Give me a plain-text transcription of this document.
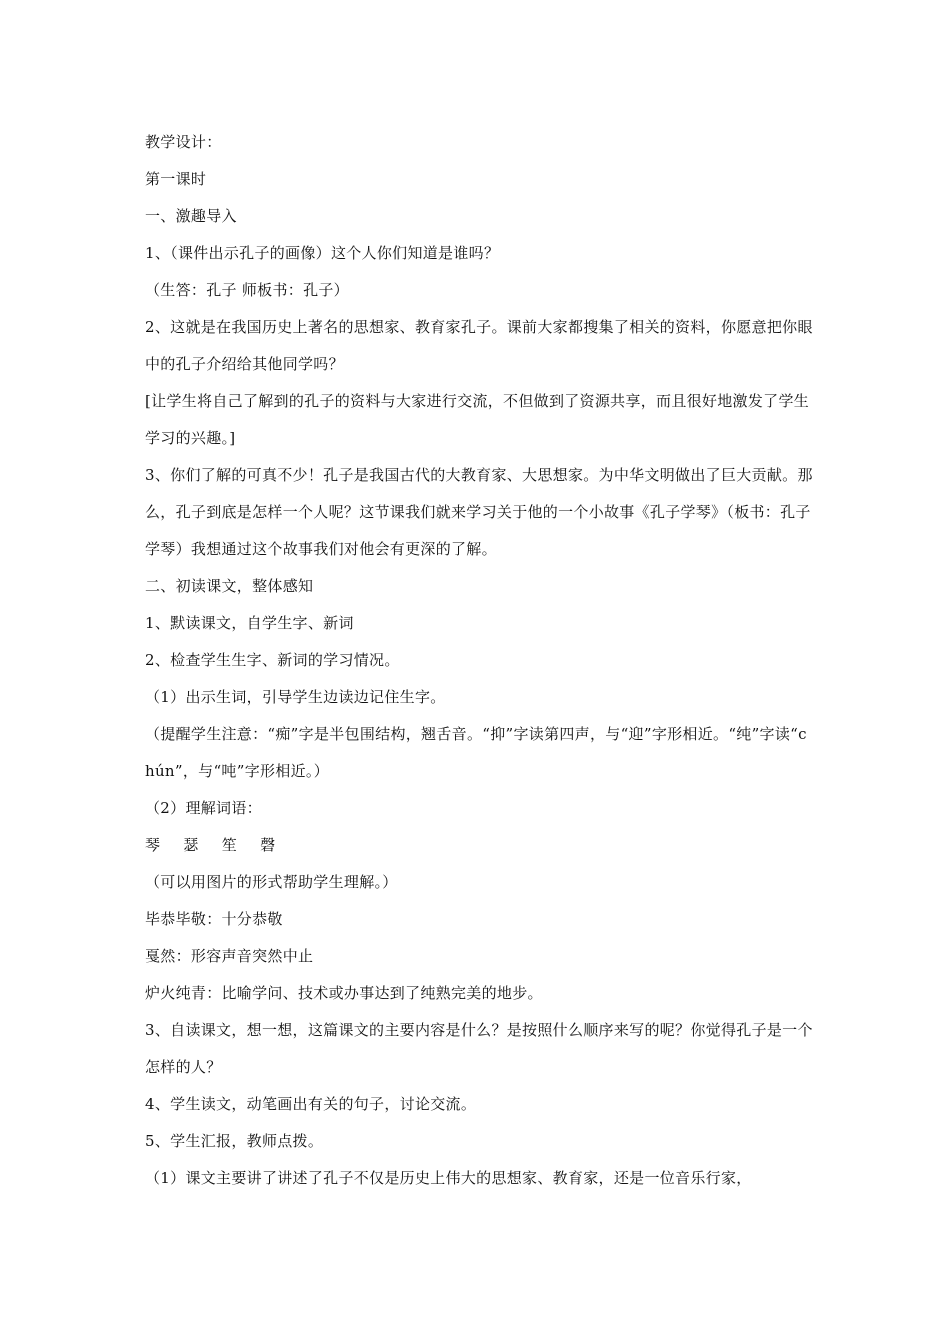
教学设计：

第一课时

一、激趣导入

1、（课件出示孔子的画像）这个人你们知道是谁吗？

（生答：孔子 师板书：孔子）

2、这就是在我国历史上著名的思想家、教育家孔子。课前大家都搜集了相关的资料，你愿意把你眼中的孔子介绍给其他同学吗？

[让学生将自己了解到的孔子的资料与大家进行交流，不但做到了资源共享，而且很好地激发了学生学习的兴趣。]

3、你们了解的可真不少！孔子是我国古代的大教育家、大思想家。为中华文明做出了巨大贡献。那么，孔子到底是怎样一个人呢？这节课我们就来学习关于他的一个小故事《孔子学琴》（板书：孔子学琴）我想通过这个故事我们对他会有更深的了解。

二、初读课文，整体感知

1、默读课文，自学生字、新词

2、检查学生生字、新词的学习情况。

（1）出示生词，引导学生边读边记住生字。

（提醒学生注意：“痴”字是半包围结构，翘舌音。“抑”字读第四声，与“迎”字形相近。“纯”字读“chún”，与“吨”字形相近。）

（2）理解词语：

琴 瑟 笙 磬

（可以用图片的形式帮助学生理解。）

毕恭毕敬：十分恭敬

戛然：形容声音突然中止

炉火纯青：比喻学问、技术或办事达到了纯熟完美的地步。

3、自读课文，想一想，这篇课文的主要内容是什么？是按照什么顺序来写的呢？你觉得孔子是一个怎样的人？

4、学生读文，动笔画出有关的句子，讨论交流。

5、学生汇报，教师点拨。

（1）课文主要讲了讲述了孔子不仅是历史上伟大的思想家、教育家，还是一位音乐行家，
